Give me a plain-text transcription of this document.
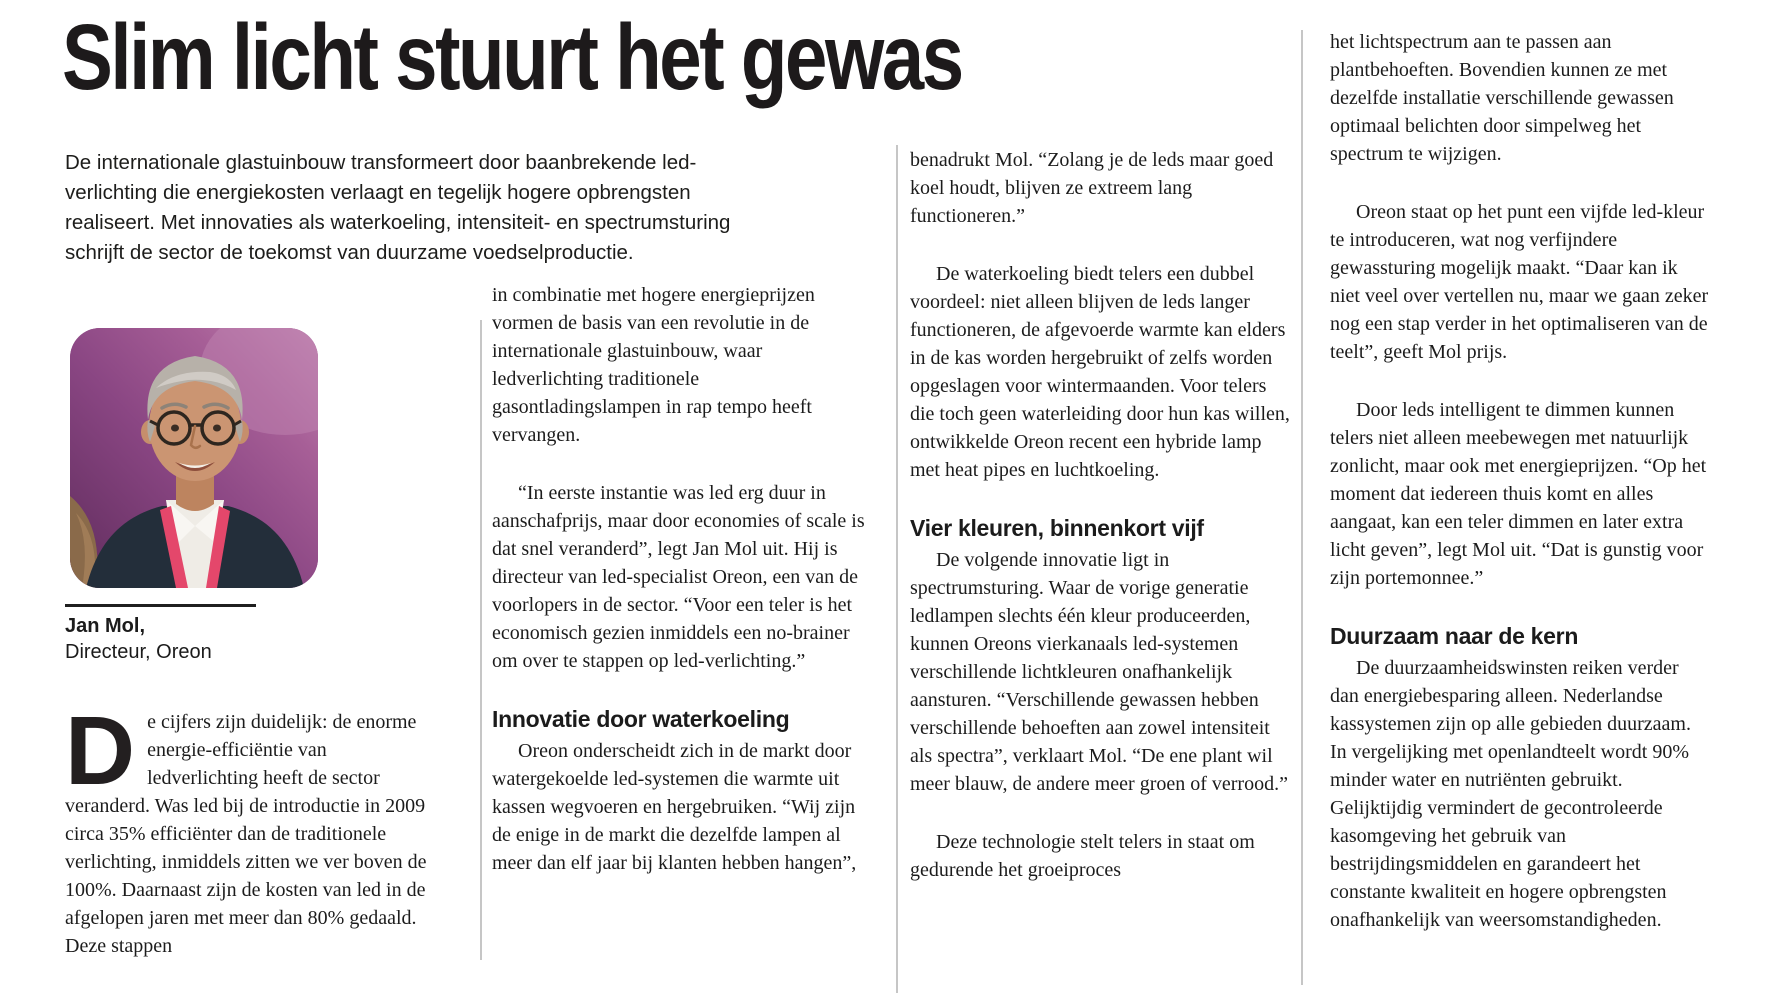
Slim licht stuurt het gewas

De internationale glastuinbouw transformeert door baanbrekende led-verlichting die energiekosten verlaagt en tegelijk hogere opbrengsten realiseert. Met innovaties als waterkoeling, intensiteit- en spectrumsturing schrijft de sector de toekomst van duurzame voedselproductie.

Jan Mol,
Directeur, Oreon

De cijfers zijn duidelijk: de enorme energie-efficiëntie van ledverlichting heeft de sector veranderd. Was led bij de introductie in 2009 circa 35% efficiënter dan de traditionele verlichting, inmiddels zitten we ver boven de 100%. Daarnaast zijn de kosten van led in de afgelopen jaren met meer dan 80% gedaald. Deze stappen

in combinatie met hogere energieprijzen vormen de basis van een revolutie in de internationale glastuinbouw, waar ledverlichting traditionele gasontladingslampen in rap tempo heeft vervangen.

“In eerste instantie was led erg duur in aanschafprijs, maar door economies of scale is dat snel veranderd”, legt Jan Mol uit. Hij is directeur van led-specialist Oreon, een van de voorlopers in de sector. “Voor een teler is het economisch gezien inmiddels een no-brainer om over te stappen op led-verlichting.”

Innovatie door waterkoeling

Oreon onderscheidt zich in de markt door watergekoelde led-systemen die warmte uit kassen wegvoeren en hergebruiken. “Wij zijn de enige in de markt die dezelfde lampen al meer dan elf jaar bij klanten hebben hangen”,

benadrukt Mol. “Zolang je de leds maar goed koel houdt, blijven ze extreem lang functioneren.”

De waterkoeling biedt telers een dubbel voordeel: niet alleen blijven de leds langer functioneren, de afgevoerde warmte kan elders in de kas worden hergebruikt of zelfs worden opgeslagen voor wintermaanden. Voor telers die toch geen waterleiding door hun kas willen, ontwikkelde Oreon recent een hybride lamp met heat pipes en luchtkoeling.

Vier kleuren, binnenkort vijf

De volgende innovatie ligt in spectrumsturing. Waar de vorige generatie ledlampen slechts één kleur produceerden, kunnen Oreons vierkanaals led-systemen verschillende lichtkleuren onafhankelijk aansturen. “Verschillende gewassen hebben verschillende behoeften aan zowel intensiteit als spectra”, verklaart Mol. “De ene plant wil meer blauw, de andere meer groen of verrood.”

Deze technologie stelt telers in staat om gedurende het groeiproces

het lichtspectrum aan te passen aan plantbehoeften. Bovendien kunnen ze met dezelfde installatie verschillende gewassen optimaal belichten door simpelweg het spectrum te wijzigen.

Oreon staat op het punt een vijfde led-kleur te introduceren, wat nog verfijndere gewassturing mogelijk maakt. “Daar kan ik niet veel over vertellen nu, maar we gaan zeker nog een stap verder in het optimaliseren van de teelt”, geeft Mol prijs.

Door leds intelligent te dimmen kunnen telers niet alleen meebewegen met natuurlijk zonlicht, maar ook met energieprijzen. “Op het moment dat iedereen thuis komt en alles aangaat, kan een teler dimmen en later extra licht geven”, legt Mol uit. “Dat is gunstig voor zijn portemonnee.”

Duurzaam naar de kern

De duurzaamheidswinsten reiken verder dan energiebesparing alleen. Nederlandse kassystemen zijn op alle gebieden duurzaam. In vergelijking met openlandteelt wordt 90% minder water en nutriënten gebruikt. Gelijktijdig vermindert de gecontroleerde kasomgeving het gebruik van bestrijdingsmiddelen en garandeert het constante kwaliteit en hogere opbrengsten onafhankelijk van weersomstandigheden.
